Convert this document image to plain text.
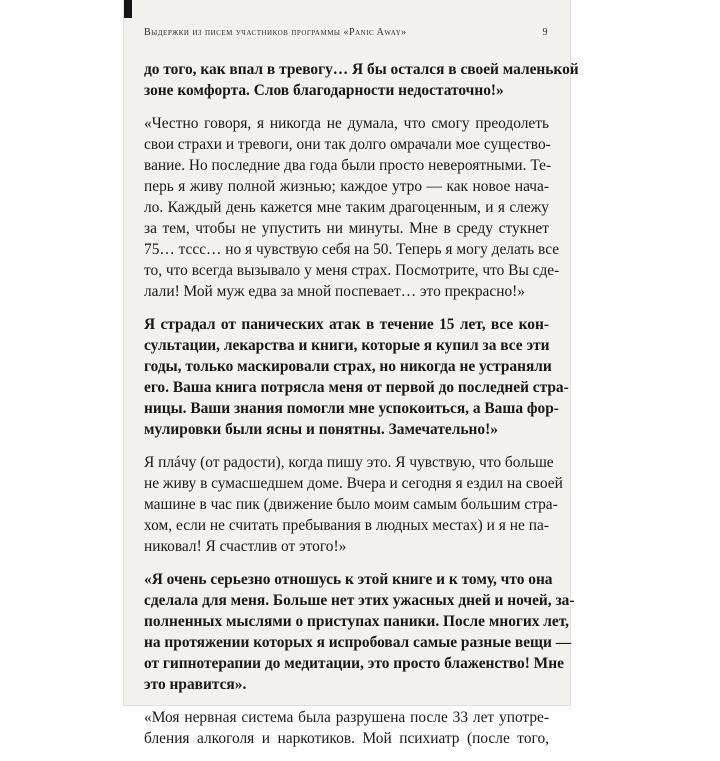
Выдержки из писем участников программы «Panic Away»	9

до того, как впал в тревогу… Я бы остался в своей маленькой
зоне комфорта. Слов благодарности недостаточно!»

«Честно говоря, я никогда не думала, что смогу преодолеть
свои страхи и тревоги, они так долго омрачали мое существо-
вание. Но последние два года были просто невероятными. Те-
перь я живу полной жизнью; каждое утро — как новое нача-
ло. Каждый день кажется мне таким драгоценным, и я слежу
за тем, чтобы не упустить ни минуты. Мне в среду стукнет
75… тссс… но я чувствую себя на 50. Теперь я могу делать все
то, что всегда вызывало у меня страх. Посмотрите, что Вы сде-
лали! Мой муж едва за мной поспевает… это прекрасно!»

Я страдал от панических атак в течение 15 лет, все кон-
сультации, лекарства и книги, которые я купил за все эти
годы, только маскировали страх, но никогда не устраняли
его. Ваша книга потрясла меня от первой до последней стра-
ницы. Ваши знания помогли мне успокоиться, а Ваша фор-
мулировки были ясны и понятны. Замечательно!»

Я плáчу (от радости), когда пишу это. Я чувствую, что больше
не живу в сумасшедшем доме. Вчера и сегодня я ездил на своей
машине в час пик (движение было моим самым большим стра-
хом, если не считать пребывания в людных местах) и я не па-
никовал! Я счастлив от этого!»

«Я очень серьезно отношусь к этой книге и к тому, что она
сделала для меня. Больше нет этих ужасных дней и ночей, за-
полненных мыслями о приступах паники. После многих лет,
на протяжении которых я испробовал самые разные вещи —
от гипнотерапии до медитации, это просто блаженство! Мне
это нравится».

«Моя нервная система была разрушена после 33 лет употре-
бления алкоголя и наркотиков. Мой психиатр (после того,
